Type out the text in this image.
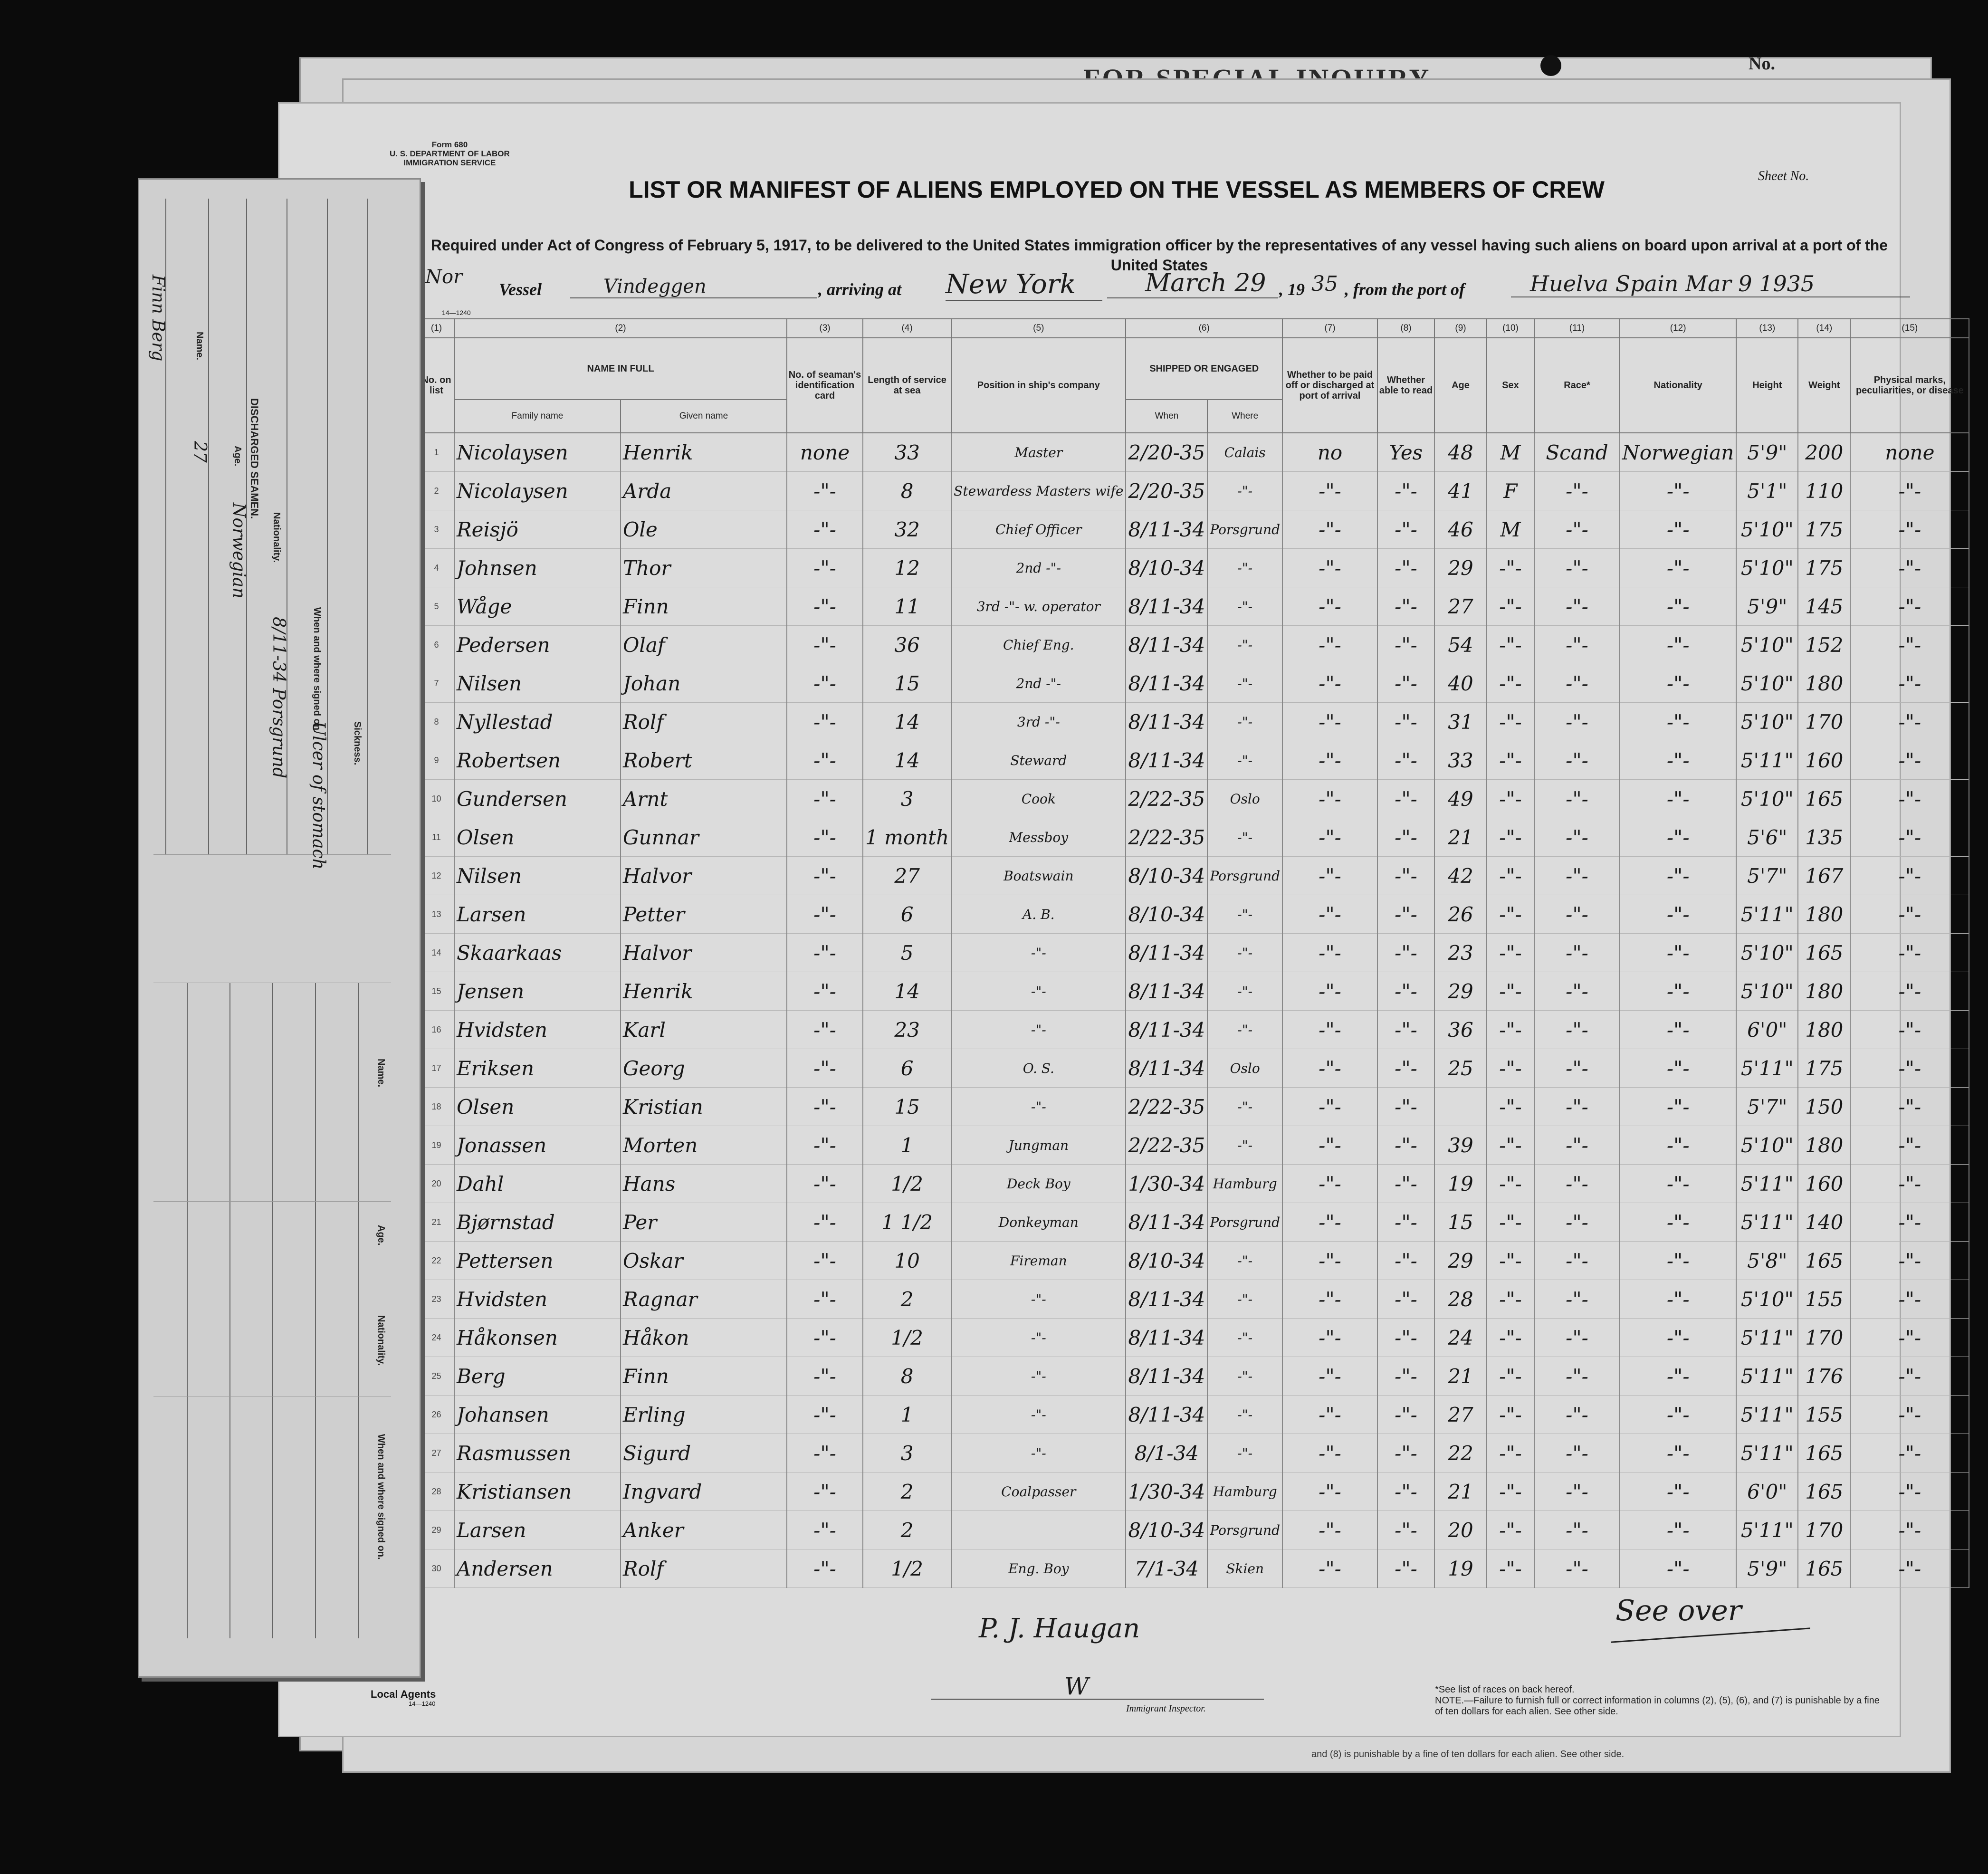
No.
and (8) is punishable by a fine of ten dollars for each alien. See other side.
Form 680
U. S. DEPARTMENT OF LABOR
IMMIGRATION SERVICE
LIST OR MANIFEST OF ALIENS EMPLOYED ON THE VESSEL AS MEMBERS OF CREW
Sheet No.
Required under Act of Congress of February 5, 1917, to be delivered to the United States immigration officer by the representatives of any vessel having such aliens on board upon arrival at a port of the United States
Nor
Vessel	Vindeggen	, arriving at New York	March 29 , 19 35 , from the port of	Huelva Spain Mar 9 1935
14—1240
(1)	(2)		(3)	(4)	(5)	(6)		(7)	(8)	(9)	(10)	(11)	(12)	(13)	(14)	(15)
No. on list	NAME IN FULL		No. of seaman's identification card	Length of service at sea	Position in ship's company	SHIPPED OR ENGAGED		Whether to be paid off or discharged at port of arrival	Whether able to read	Age	Sex	Race*	Nationality	Height	Weight	Physical marks, peculiarities, or disease
	Family name	Given name				When	Where									
1	Nicolaysen	Henrik	none	33	Master	2/20-35	Calais	no	Yes	48	M	Scand	Norwegian	5'9"	200	none
2	Nicolaysen	Arda	-"-	8	Stewardess Masters wife	2/20-35	-"-	-"-	-"-	41	F	-"-	-"-	5'1"	110	-"-
3	Reisjö	Ole	-"-	32	Chief Officer	8/11-34	Porsgrund	-"-	-"-	46	M	-"-	-"-	5'10"	175	-"-
4	Johnsen	Thor	-"-	12	2nd -"-	8/10-34	-"-	-"-	-"-	29	-"-	-"-	-"-	5'10"	175	-"-
5	Wåge	Finn	-"-	11	3rd -"- w. operator	8/11-34	-"-	-"-	-"-	27	-"-	-"-	-"-	5'9"	145	-"-
6	Pedersen	Olaf	-"-	36	Chief Eng.	8/11-34	-"-	-"-	-"-	54	-"-	-"-	-"-	5'10"	152	-"-
7	Nilsen	Johan	-"-	15	2nd -"-	8/11-34	-"-	-"-	-"-	40	-"-	-"-	-"-	5'10"	180	-"-
8	Nyllestad	Rolf	-"-	14	3rd -"-	8/11-34	-"-	-"-	-"-	31	-"-	-"-	-"-	5'10"	170	-"-
9	Robertsen	Robert	-"-	14	Steward	8/11-34	-"-	-"-	-"-	33	-"-	-"-	-"-	5'11"	160	-"-
10	Gundersen	Arnt	-"-	3	Cook	2/22-35	Oslo	-"-	-"-	49	-"-	-"-	-"-	5'10"	165	-"-
11	Olsen	Gunnar	-"-	1 month	Messboy	2/22-35	-"-	-"-	-"-	21	-"-	-"-	-"-	5'6"	135	-"-
12	Nilsen	Halvor	-"-	27	Boatswain	8/10-34	Porsgrund	-"-	-"-	42	-"-	-"-	-"-	5'7"	167	-"-
13	Larsen	Petter	-"-	6	A. B.	8/10-34	-"-	-"-	-"-	26	-"-	-"-	-"-	5'11"	180	-"-
14	Skaarkaas	Halvor	-"-	5	-"-	8/11-34	-"-	-"-	-"-	23	-"-	-"-	-"-	5'10"	165	-"-
15	Jensen	Henrik	-"-	14	-"-	8/11-34	-"-	-"-	-"-	29	-"-	-"-	-"-	5'10"	180	-"-
16	Hvidsten	Karl	-"-	23	-"-	8/11-34	-"-	-"-	-"-	36	-"-	-"-	-"-	6'0"	180	-"-
17	Eriksen	Georg	-"-	6	O. S.	8/11-34	Oslo	-"-	-"-	25	-"-	-"-	-"-	5'11"	175	-"-
18	Olsen	Kristian	-"-	15	-"-	2/22-35	-"-	-"-	-"-		-"-	-"-	-"-	5'7"	150	-"-
19	Jonassen	Morten	-"-	1	Jungman	2/22-35	-"-	-"-	-"-	39	-"-	-"-	-"-	5'10"	180	-"-
20	Dahl	Hans	-"-	1/2	Deck Boy	1/30-34	Hamburg	-"-	-"-	19	-"-	-"-	-"-	5'11"	160	-"-
21	Bjørnstad	Per	-"-	1 1/2	Donkeyman	8/11-34	Porsgrund	-"-	-"-	15	-"-	-"-	-"-	5'11"	140	-"-
22	Pettersen	Oskar	-"-	10	Fireman	8/10-34	-"-	-"-	-"-	29	-"-	-"-	-"-	5'8"	165	-"-
23	Hvidsten	Ragnar	-"-	2	-"-	8/11-34	-"-	-"-	-"-	28	-"-	-"-	-"-	5'10"	155	-"-
24	Håkonsen	Håkon	-"-	1/2	-"-	8/11-34	-"-	-"-	-"-	24	-"-	-"-	-"-	5'11"	170	-"-
25	Berg	Finn	-"-	8	-"-	8/11-34	-"-	-"-	-"-	21	-"-	-"-	-"-	5'11"	176	-"-
26	Johansen	Erling	-"-	1	-"-	8/11-34	-"-	-"-	-"-	27	-"-	-"-	-"-	5'11"	155	-"-
27	Rasmussen	Sigurd	-"-	3	-"-	8/1-34	-"-	-"-	-"-	22	-"-	-"-	-"-	5'11"	165	-"-
28	Kristiansen	Ingvard	-"-	2	Coalpasser	1/30-34	Hamburg	-"-	-"-	21	-"-	-"-	-"-	6'0"	165	-"-
29	Larsen	Anker	-"-	2		8/10-34	Porsgrund	-"-	-"-	20	-"-	-"-	-"-	5'11"	170	-"-
30	Andersen	Rolf	-"-	1/2	Eng. Boy	7/1-34	Skien	-"-	-"-	19	-"-	-"-	-"-	5'9"	165	-"-
P. J. Haugan
See over
Local Agents
14—1240
W
Immigrant Inspector.
*See list of races on back hereof.
NOTE.—Failure to furnish full or correct information in columns (2), (5), (6), and (7) is punishable by a fine of ten dollars for each alien. See other side.
Name.
Age.
Nationality.
When and where signed on.
Sickness.
DISCHARGED SEAMEN.
Finn Berg
27
Norwegian
8/11-34 Porsgrund
Ulcer of stomach
Name.
Age.
Nationality.
When and where signed on.
